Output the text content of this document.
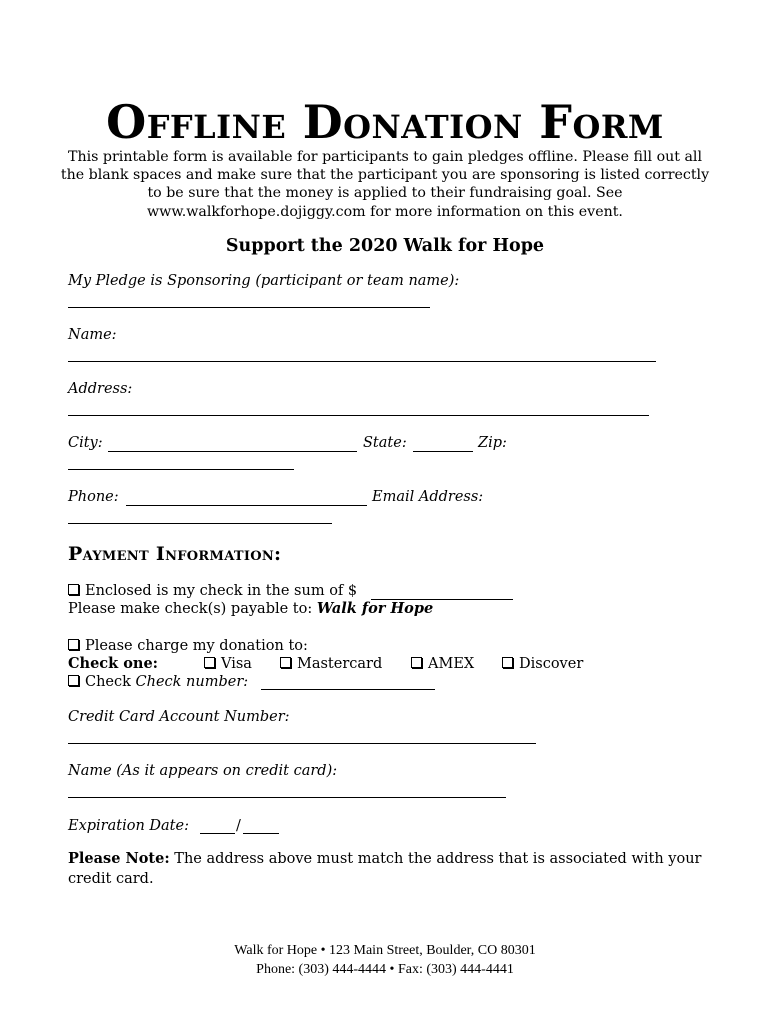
Offline Donation Form
This printable form is available for participants to gain pledges offline. Please fill out all the blank spaces and make sure that the participant you are sponsoring is listed correctly to be sure that the money is applied to their fundraising goal. See www.walkforhope.dojiggy.com for more information on this event.
Support the 2020 Walk for Hope
My Pledge is Sponsoring (participant or team name):
Name:
Address:
City:	State:	Zip:
Phone:	Email Address:
Payment Information:
Enclosed is my check in the sum of $
Please make check(s) payable to: Walk for Hope
Please charge my donation to:
Check one:	Visa	Mastercard	AMEX	Discover
Check Check number:
Credit Card Account Number:
Name (As it appears on credit card):
Expiration Date:	/
Please Note: The address above must match the address that is associated with your credit card.
Walk for Hope • 123 Main Street, Boulder, CO 80301
Phone: (303) 444-4444 • Fax: (303) 444-4441
